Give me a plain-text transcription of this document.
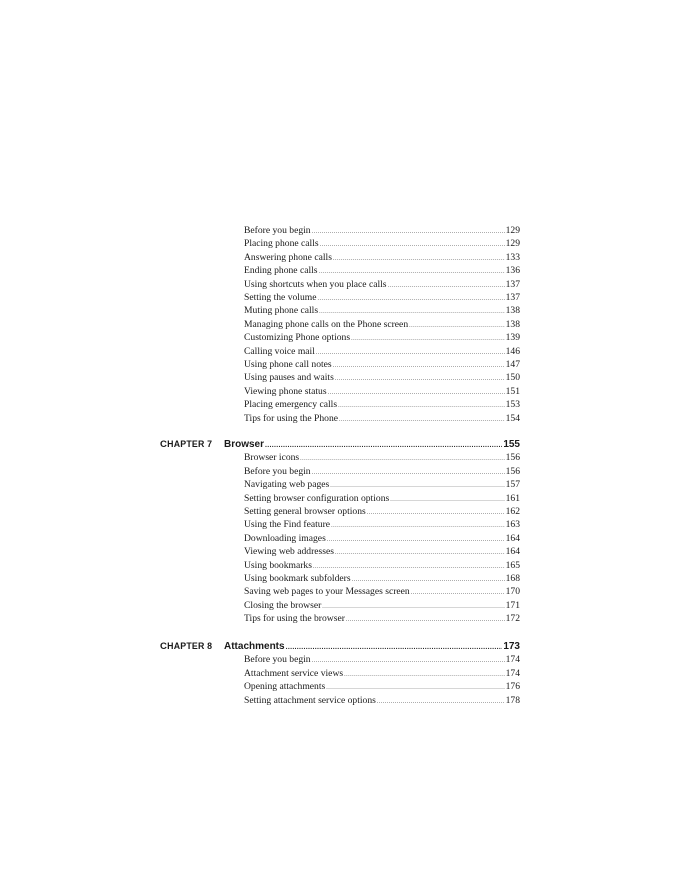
Before you begin .....	129
Placing phone calls .....	129
Answering phone calls .....	133
Ending phone calls .....	136
Using shortcuts when you place calls .....	137
Setting the volume .....	137
Muting phone calls .....	138
Managing phone calls on the Phone screen .....	138
Customizing Phone options .....	139
Calling voice mail .....	146
Using phone call notes .....	147
Using pauses and waits .....	150
Viewing phone status .....	151
Placing emergency calls .....	153
Tips for using the Phone .....	154
CHAPTER 7 Browser .....	155
Browser icons .....	156
Before you begin .....	156
Navigating web pages .....	157
Setting browser configuration options .....	161
Setting general browser options .....	162
Using the Find feature .....	163
Downloading images .....	164
Viewing web addresses .....	164
Using bookmarks .....	165
Using bookmark subfolders .....	168
Saving web pages to your Messages screen .....	170
Closing the browser .....	171
Tips for using the browser .....	172
CHAPTER 8 Attachments .....	173
Before you begin .....	174
Attachment service views .....	174
Opening attachments .....	176
Setting attachment service options .....	178
